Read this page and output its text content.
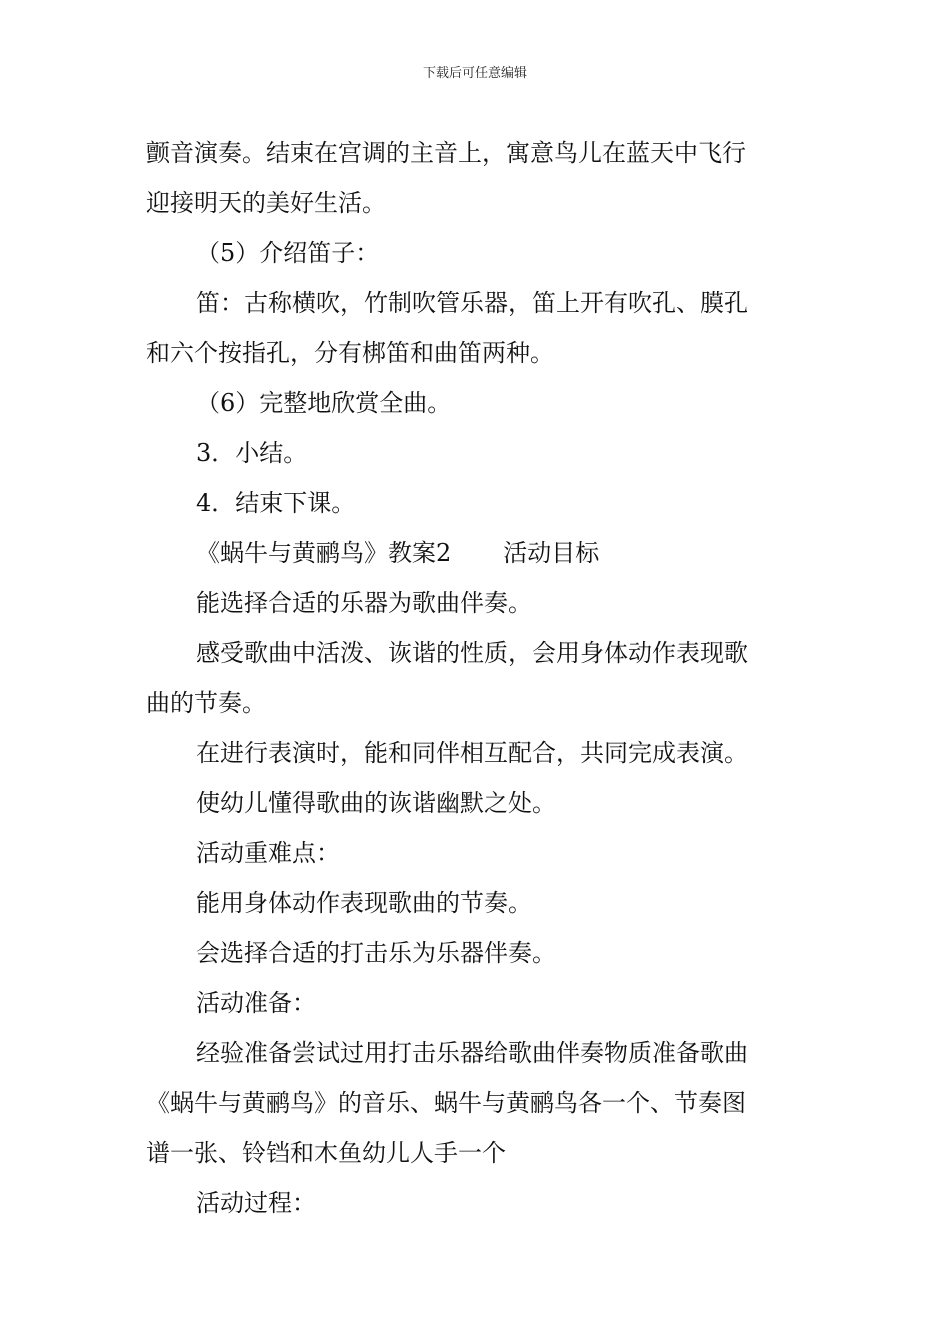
下载后可任意编辑
颤音演奏。结束在宫调的主音上，寓意鸟儿在蓝天中飞行
迎接明天的美好生活。
（5）介绍笛子：
笛：古称横吹，竹制吹管乐器，笛上开有吹孔、膜孔
和六个按指孔，分有梆笛和曲笛两种。
（6）完整地欣赏全曲。
3．小结。
4．结束下课。
《蜗牛与黄鹂鸟》教案2 活动目标
能选择合适的乐器为歌曲伴奏。
感受歌曲中活泼、诙谐的性质，会用身体动作表现歌
曲的节奏。
在进行表演时，能和同伴相互配合，共同完成表演。
使幼儿懂得歌曲的诙谐幽默之处。
活动重难点：
能用身体动作表现歌曲的节奏。
会选择合适的打击乐为乐器伴奏。
活动准备：
经验准备尝试过用打击乐器给歌曲伴奏物质准备歌曲
《蜗牛与黄鹂鸟》的音乐、蜗牛与黄鹂鸟各一个、节奏图
谱一张、铃铛和木鱼幼儿人手一个
活动过程：
